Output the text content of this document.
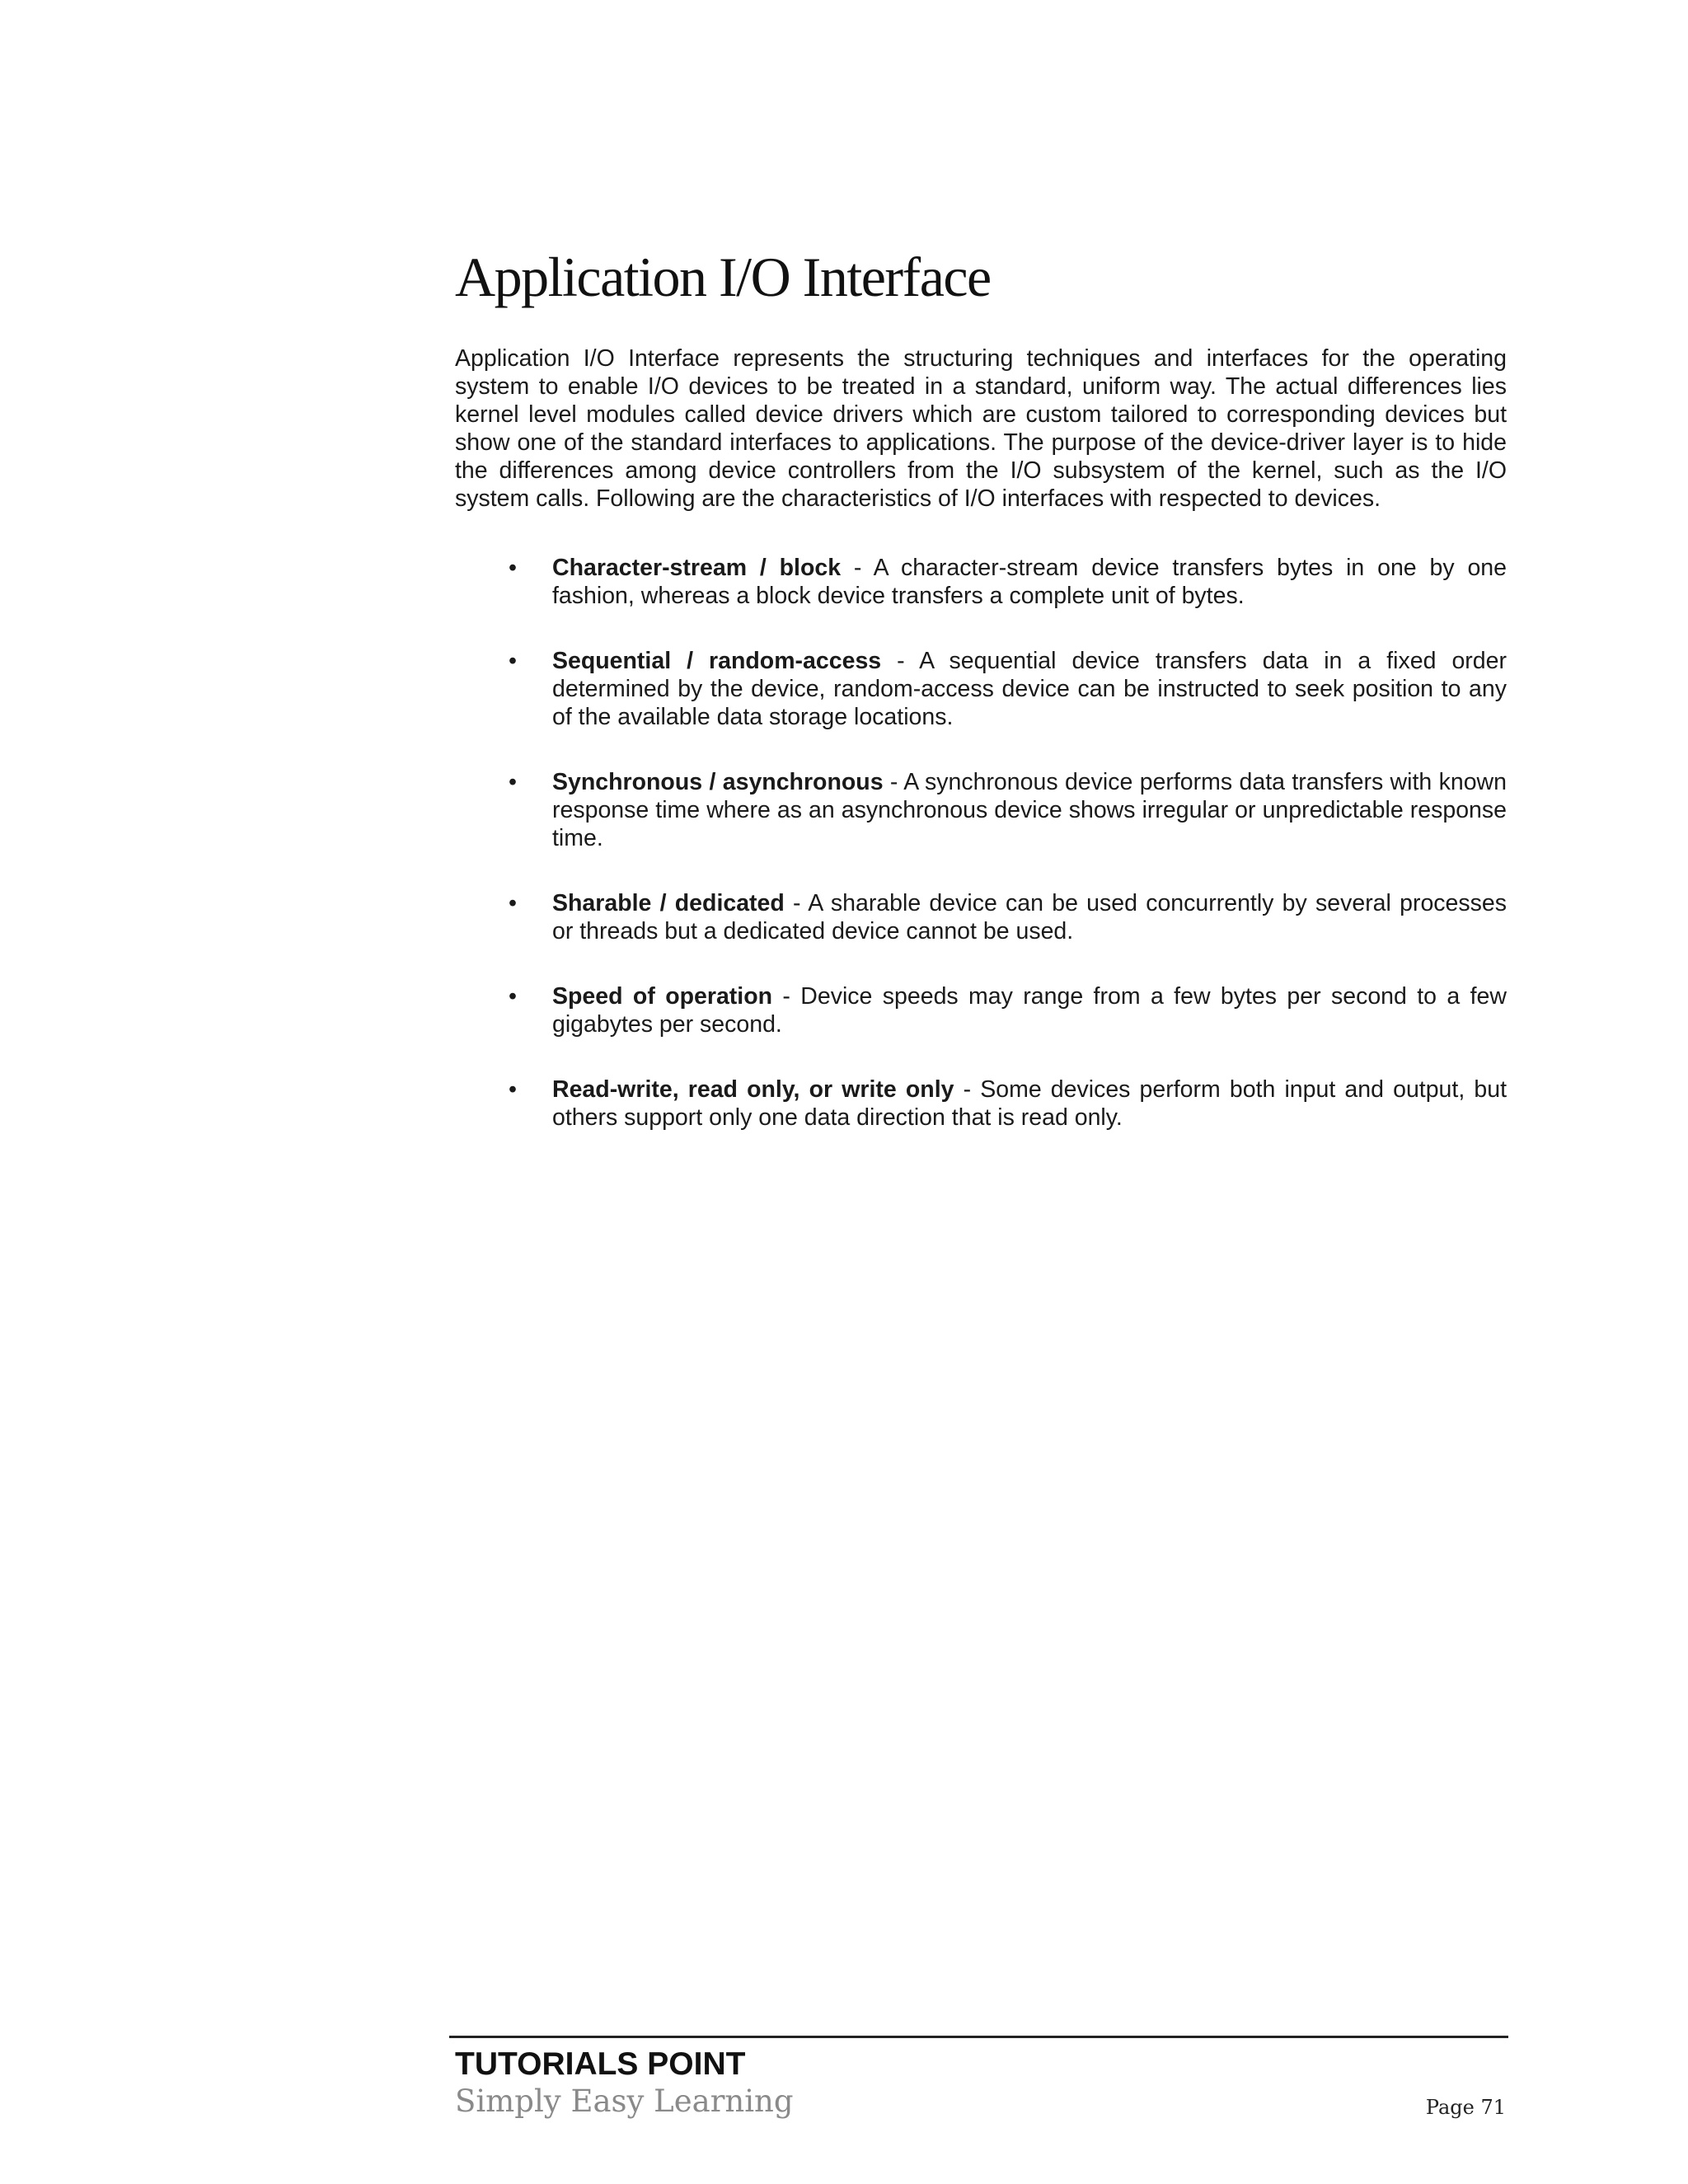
Application I/O Interface

Application I/O Interface represents the structuring techniques and interfaces for the operating system to enable I/O devices to be treated in a standard, uniform way. The actual differences lies kernel level modules called device drivers which are custom tailored to corresponding devices but show one of the standard interfaces to applications. The purpose of the device-driver layer is to hide the differences among device controllers from the I/O subsystem of the kernel, such as the I/O system calls. Following are the characteristics of I/O interfaces with respected to devices.

• Character-stream / block - A character-stream device transfers bytes in one by one fashion, whereas a block device transfers a complete unit of bytes.
• Sequential / random-access - A sequential device transfers data in a fixed order determined by the device, random-access device can be instructed to seek position to any of the available data storage locations.
• Synchronous / asynchronous - A synchronous device performs data transfers with known response time where as an asynchronous device shows irregular or unpredictable response time.
• Sharable / dedicated - A sharable device can be used concurrently by several processes or threads but a dedicated device cannot be used.
• Speed of operation - Device speeds may range from a few bytes per second to a few gigabytes per second.
• Read-write, read only, or write only - Some devices perform both input and output, but others support only one data direction that is read only.
TUTORIALS POINT
Simply Easy Learning	Page 71
